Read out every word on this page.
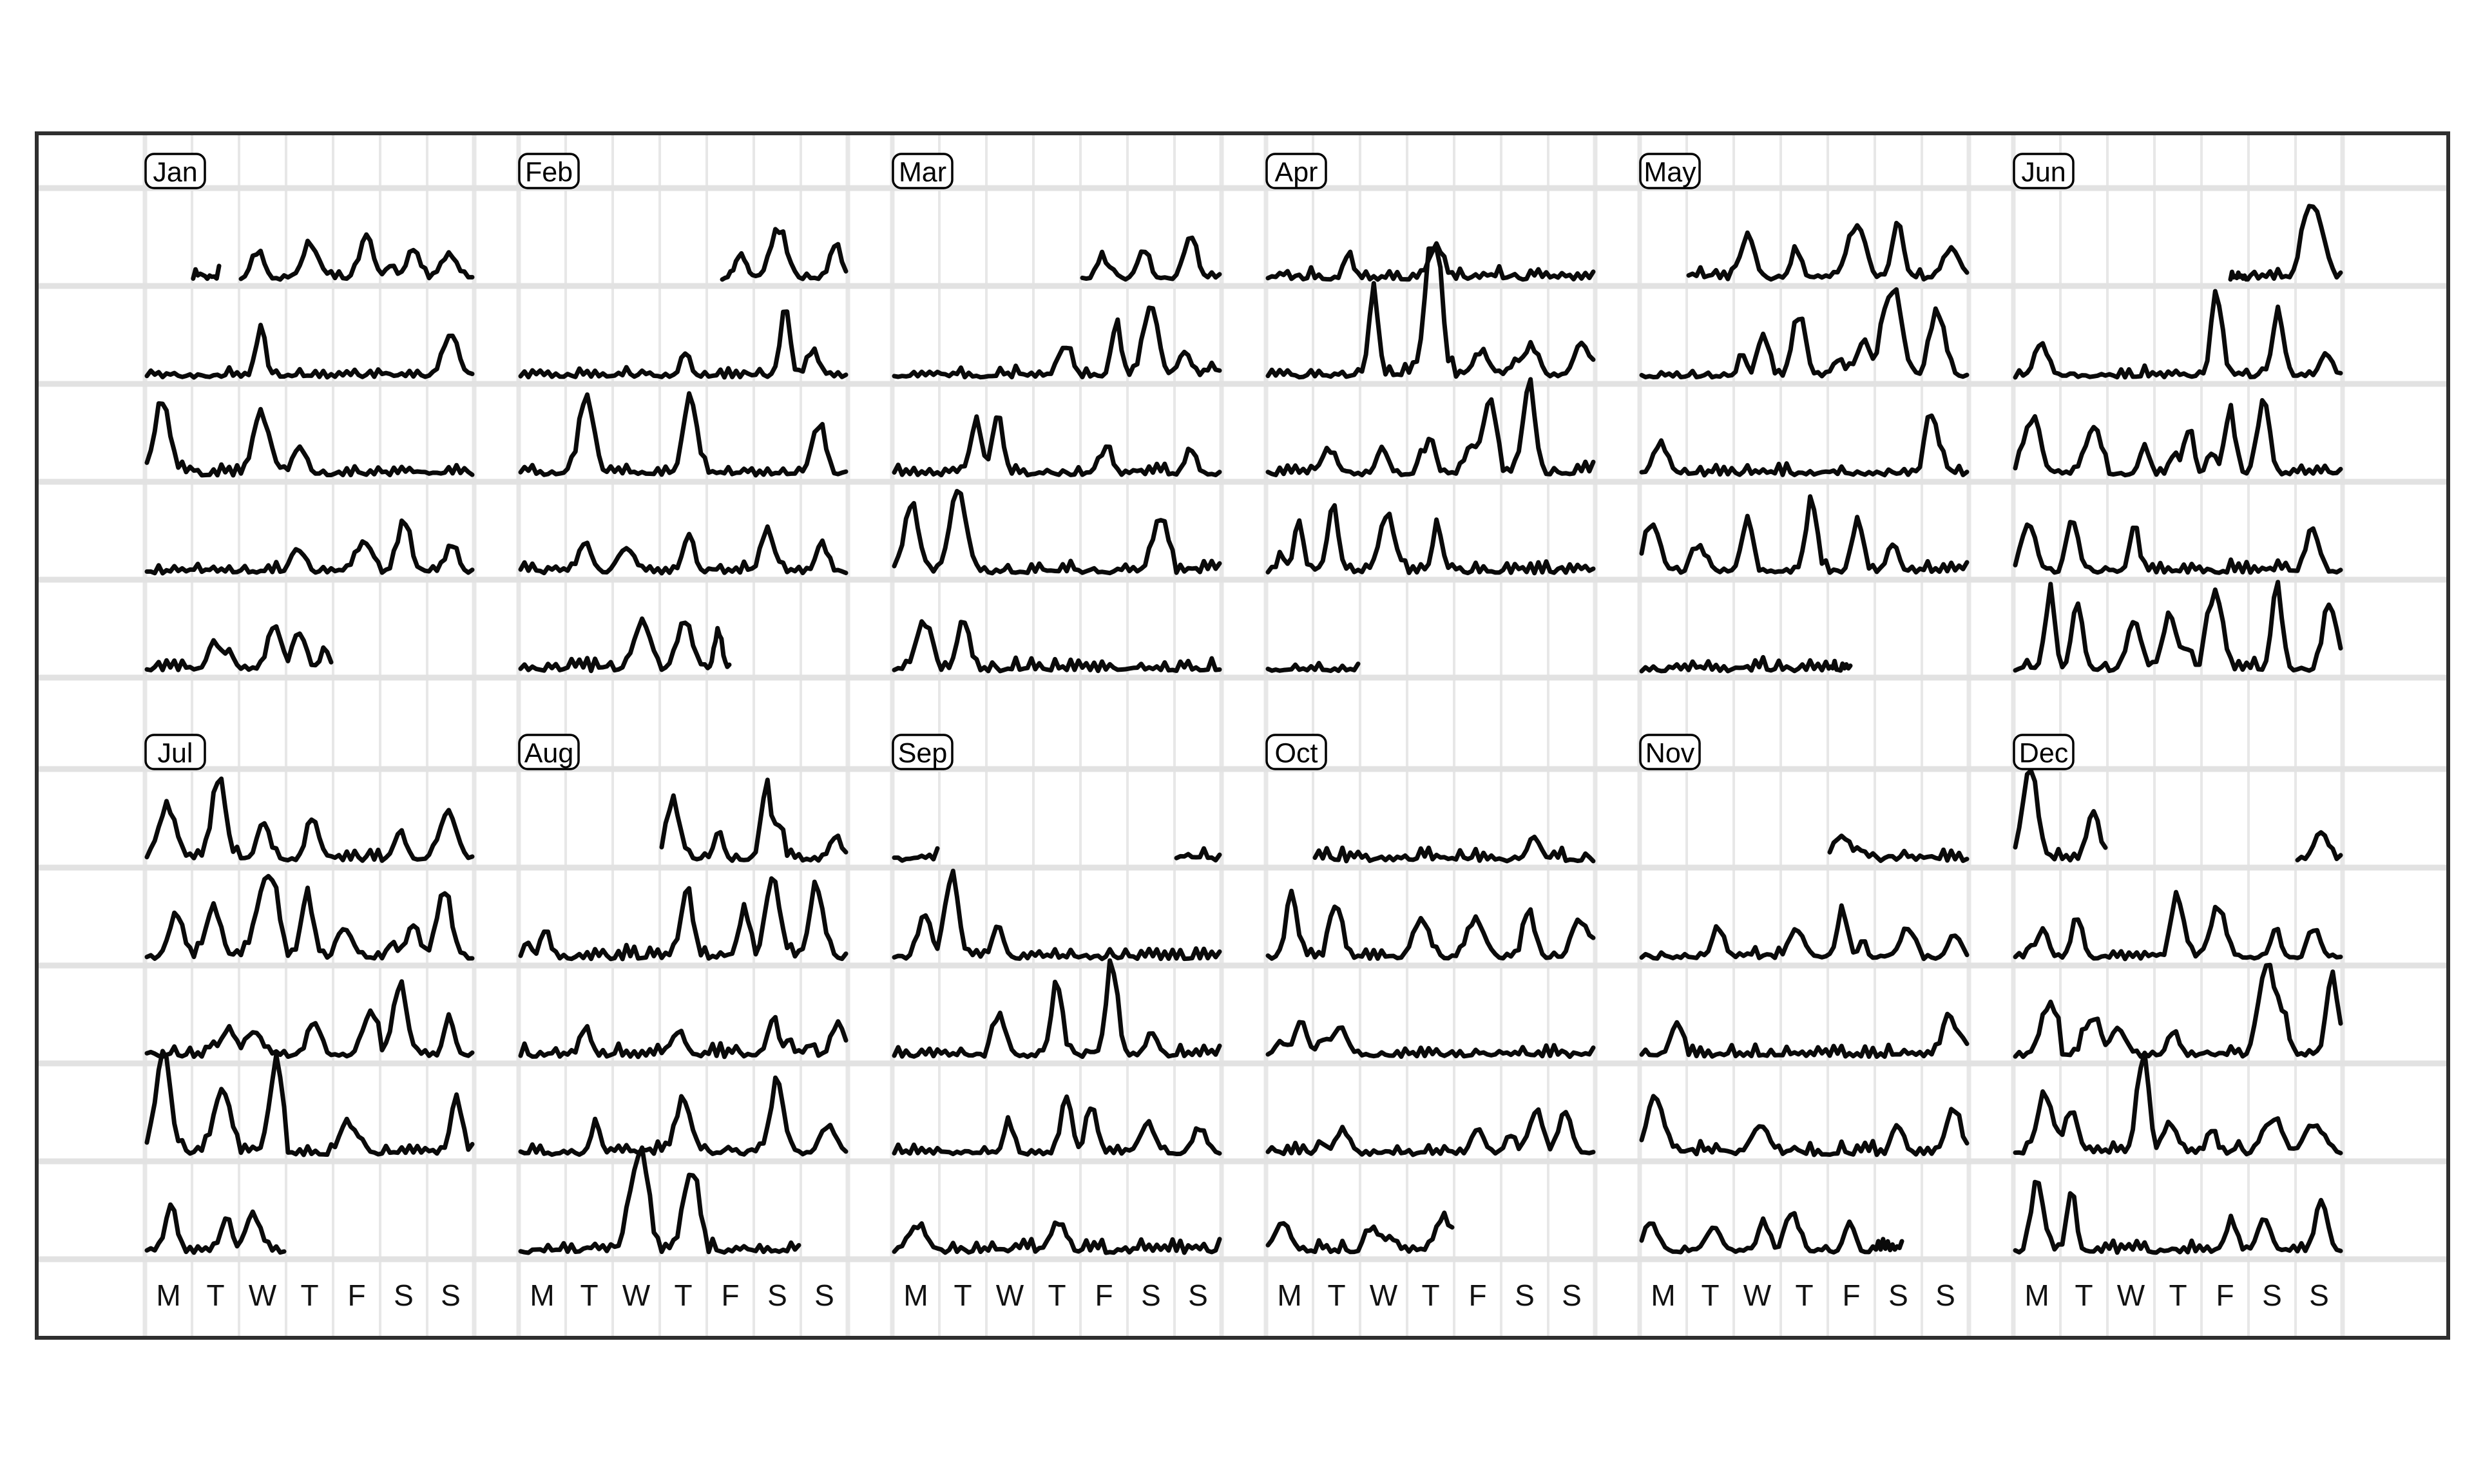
Jan	Feb	Mar	Apr	May	Jun
Jul	Aug	Sep	Oct	Nov	Dec
M T W T F S S M T W T F S S M T W T F S S M T W T F S S M T W T F S S M T W T F S S
